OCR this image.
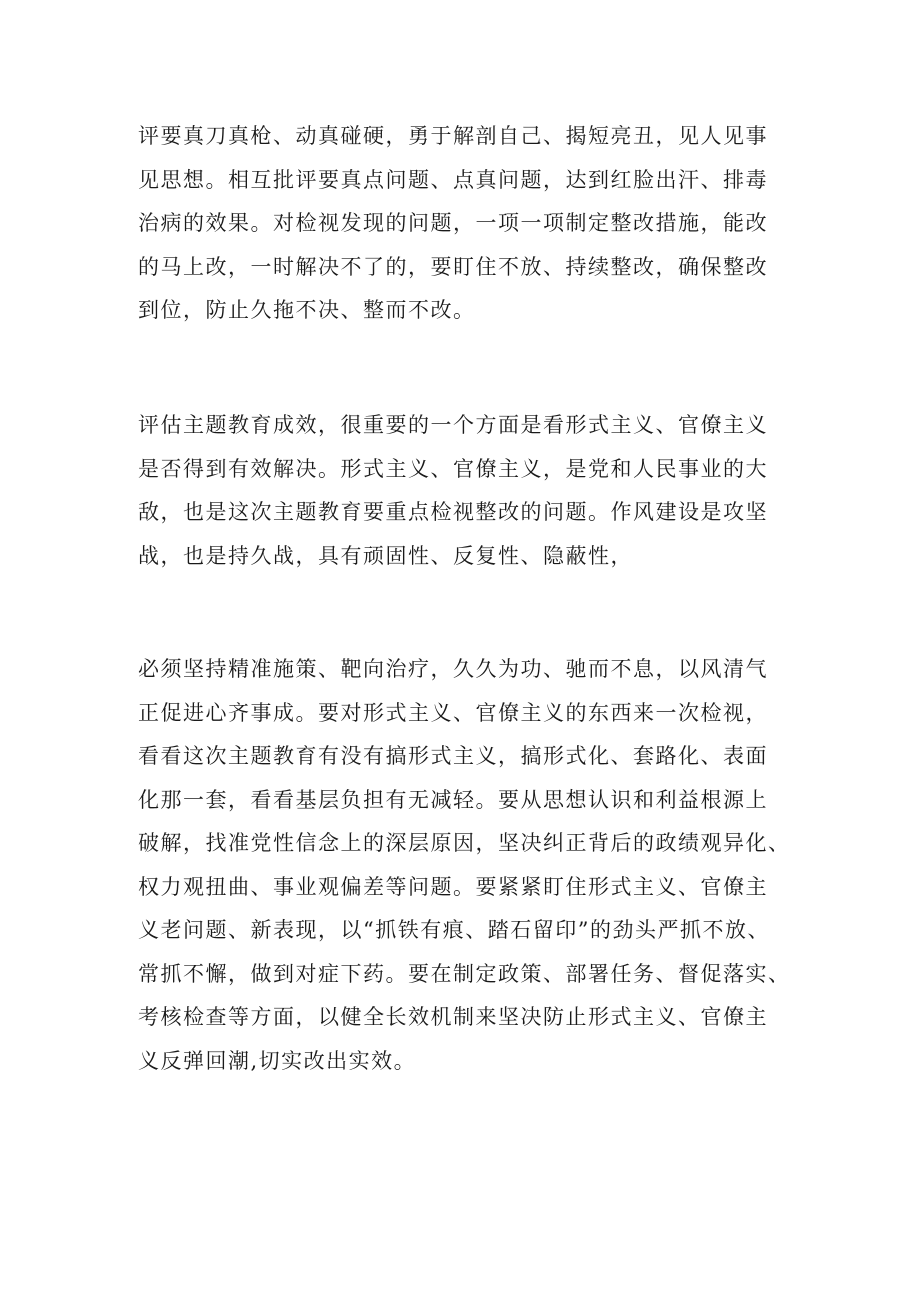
评要真刀真枪、动真碰硬，勇于解剖自己、揭短亮丑，见人见事
见思想。相互批评要真点问题、点真问题，达到红脸出汗、排毒
治病的效果。对检视发现的问题，一项一项制定整改措施，能改
的马上改，一时解决不了的，要盯住不放、持续整改，确保整改
到位，防止久拖不决、整而不改。
评估主题教育成效，很重要的一个方面是看形式主义、官僚主义
是否得到有效解决。形式主义、官僚主义，是党和人民事业的大
敌，也是这次主题教育要重点检视整改的问题。作风建设是攻坚
战，也是持久战，具有顽固性、反复性、隐蔽性，
必须坚持精准施策、靶向治疗，久久为功、驰而不息，以风清气
正促进心齐事成。要对形式主义、官僚主义的东西来一次检视，
看看这次主题教育有没有搞形式主义，搞形式化、套路化、表面
化那一套，看看基层负担有无减轻。要从思想认识和利益根源上
破解，找准党性信念上的深层原因，坚决纠正背后的政绩观异化、
权力观扭曲、事业观偏差等问题。要紧紧盯住形式主义、官僚主
义老问题、新表现，以“抓铁有痕、踏石留印”的劲头严抓不放、
常抓不懈，做到对症下药。要在制定政策、部署任务、督促落实、
考核检查等方面，以健全长效机制来坚决防止形式主义、官僚主
义反弹回潮,切实改出实效。
